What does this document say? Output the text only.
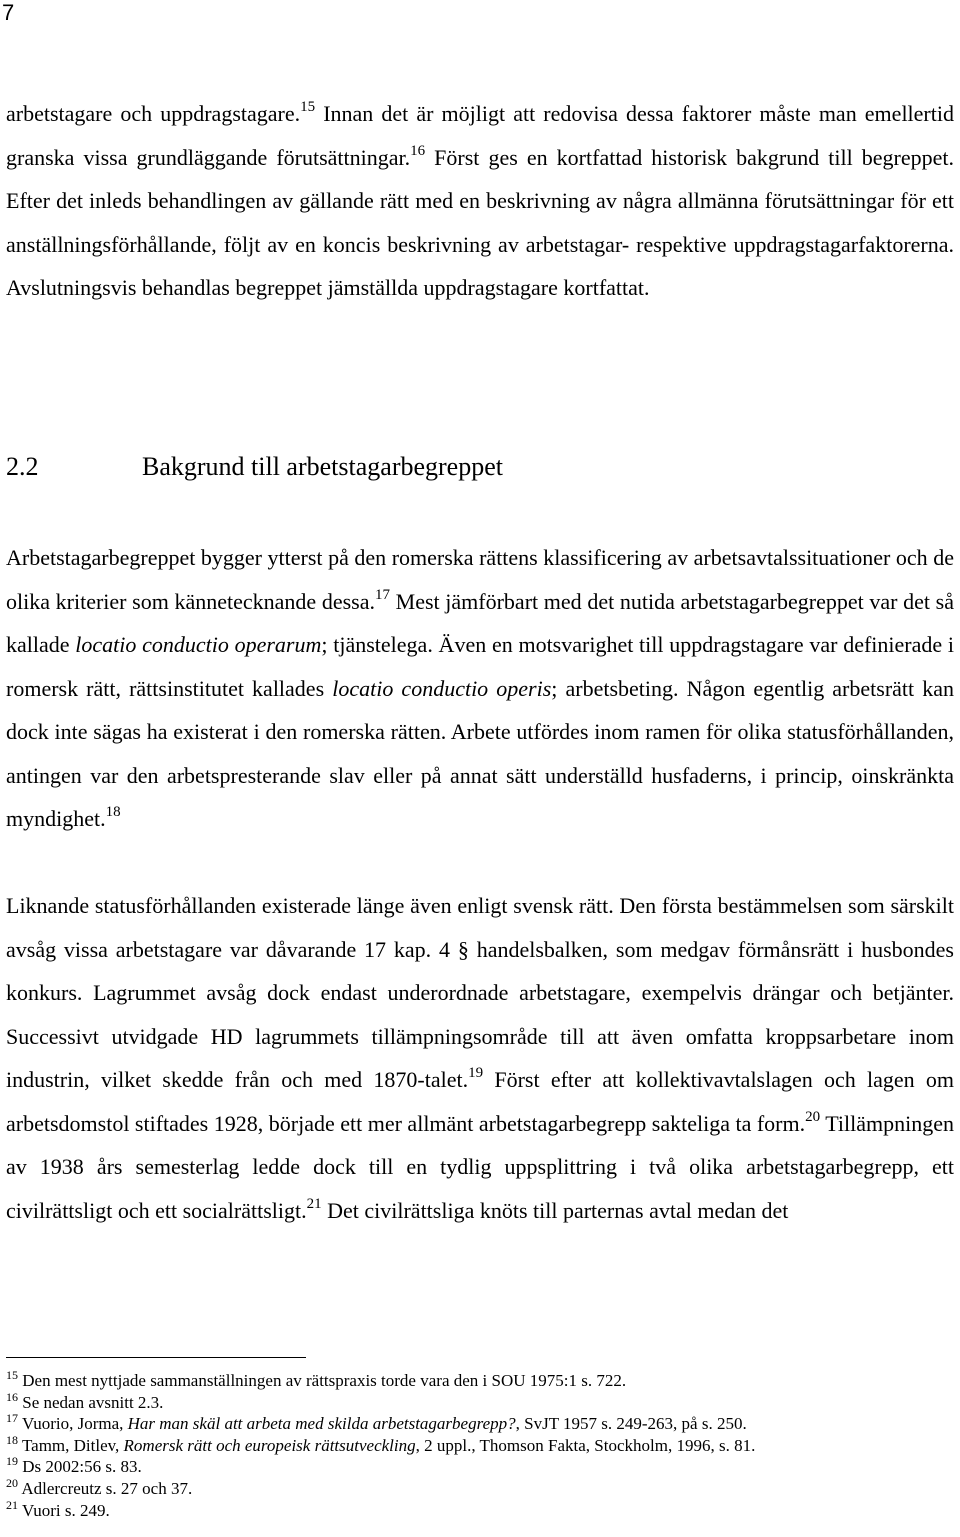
7

arbetstagare och uppdragstagare.$^{15}$ Innan det är möjligt att redovisa dessa faktorer måste man emellertid granska vissa grundläggande förutsättningar.$^{16}$ Först ges en kortfattad historisk bakgrund till begreppet. Efter det inleds behandlingen av gällande rätt med en beskrivning av några allmänna förutsättningar för ett anställningsförhållande, följt av en koncis beskrivning av arbetstagar- respektive uppdragstagarfaktorerna. Avslutningsvis behandlas begreppet jämställda uppdragstagare kortfattat.

2.2	Bakgrund till arbetstagarbegreppet

Arbetstagarbegreppet bygger ytterst på den romerska rättens klassificering av arbetsavtalssituationer och de olika kriterier som kännetecknande dessa.$^{17}$ Mest jämförbart med det nutida arbetstagarbegreppet var det så kallade locatio conductio operarum; tjänstelega. Även en motsvarighet till uppdragstagare var definierade i romersk rätt, rättsinstitutet kallades locatio conductio operis; arbetsbeting. Någon egentlig arbetsrätt kan dock inte sägas ha existerat i den romerska rätten. Arbete utfördes inom ramen för olika statusförhållanden, antingen var den arbetspresterande slav eller på annat sätt underställd husfaderns, i princip, oinskränkta myndighet.$^{18}$

Liknande statusförhållanden existerade länge även enligt svensk rätt. Den första bestämmelsen som särskilt avsåg vissa arbetstagare var dåvarande 17 kap. 4 § handelsbalken, som medgav förmånsrätt i husbondes konkurs. Lagrummet avsåg dock endast underordnade arbetstagare, exempelvis drängar och betjänter. Successivt utvidgade HD lagrummets tillämpningsområde till att även omfatta kroppsarbetare inom industrin, vilket skedde från och med 1870-talet.$^{19}$ Först efter att kollektivavtalslagen och lagen om arbetsdomstol stiftades 1928, började ett mer allmänt arbetstagarbegrepp sakteliga ta form.$^{20}$ Tillämpningen av 1938 års semesterlag ledde dock till en tydlig uppsplittring i två olika arbetstagarbegrepp, ett civilrättsligt och ett socialrättsligt.$^{21}$ Det civilrättsliga knöts till parternas avtal medan det

$^{15}$ Den mest nyttjade sammanställningen av rättspraxis torde vara den i SOU 1975:1 s. 722.

$^{16}$ Se nedan avsnitt 2.3.

$^{17}$ Vuorio, Jorma, Har man skäl att arbeta med skilda arbetstagarbegrepp?, SvJT 1957 s. 249-263, på s. 250.

$^{18}$ Tamm, Ditlev, Romersk rätt och europeisk rättsutveckling, 2 uppl., Thomson Fakta, Stockholm, 1996, s. 81.

$^{19}$ Ds 2002:56 s. 83.

$^{20}$ Adlercreutz s. 27 och 37.

$^{21}$ Vuori s. 249.
